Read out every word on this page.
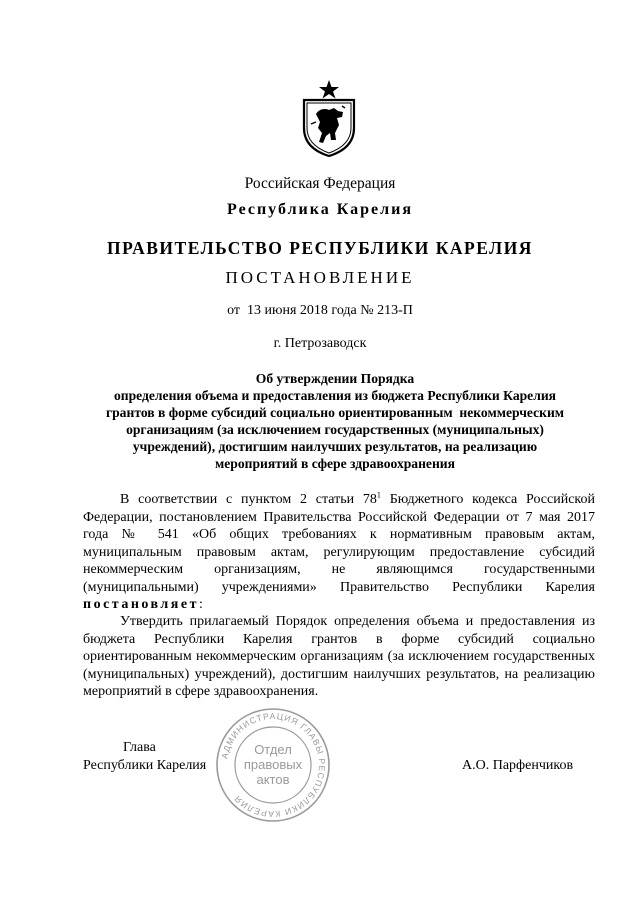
Российская Федерация
Республика Карелия
ПРАВИТЕЛЬСТВО РЕСПУБЛИКИ КАРЕЛИЯ
ПОСТАНОВЛЕНИЕ
от  13 июня 2018 года № 213-П
г. Петрозаводск
Об утверждении Порядка
определения объема и предоставления из бюджета Республики Карелия
грантов в форме субсидий социально ориентированным  некоммерческим
организациям (за исключением государственных (муниципальных)
учреждений), достигшим наилучших результатов, на реализацию
мероприятий в сфере здравоохранения
В соответствии с пунктом 2 статьи $78^1$ Бюджетного кодекса Российской Федерации, постановлением Правительства Российской Федерации от 7 мая 2017 года № 541 «Об общих требованиях к нормативным правовым актам, муниципальным правовым актам, регулирующим предоставление субсидий некоммерческим организациям, не являющимся государственными (муниципальными) учреждениями» Правительство Республики Карелия постановляет:
Утвердить прилагаемый Порядок определения объема и предоставления из бюджета Республики Карелия грантов в форме субсидий социально ориентированным некоммерческим организациям (за исключением государственных (муниципальных) учреждений), достигшим наилучших результатов, на реализацию мероприятий в сфере здравоохранения.
Глава
Республики Карелия	А.О. Парфенчиков
АДМИНИСТРАЦИЯ ГЛАВЫ РЕСПУБЛИКИ КАРЕЛИЯ
Отдел
правовых
актов
